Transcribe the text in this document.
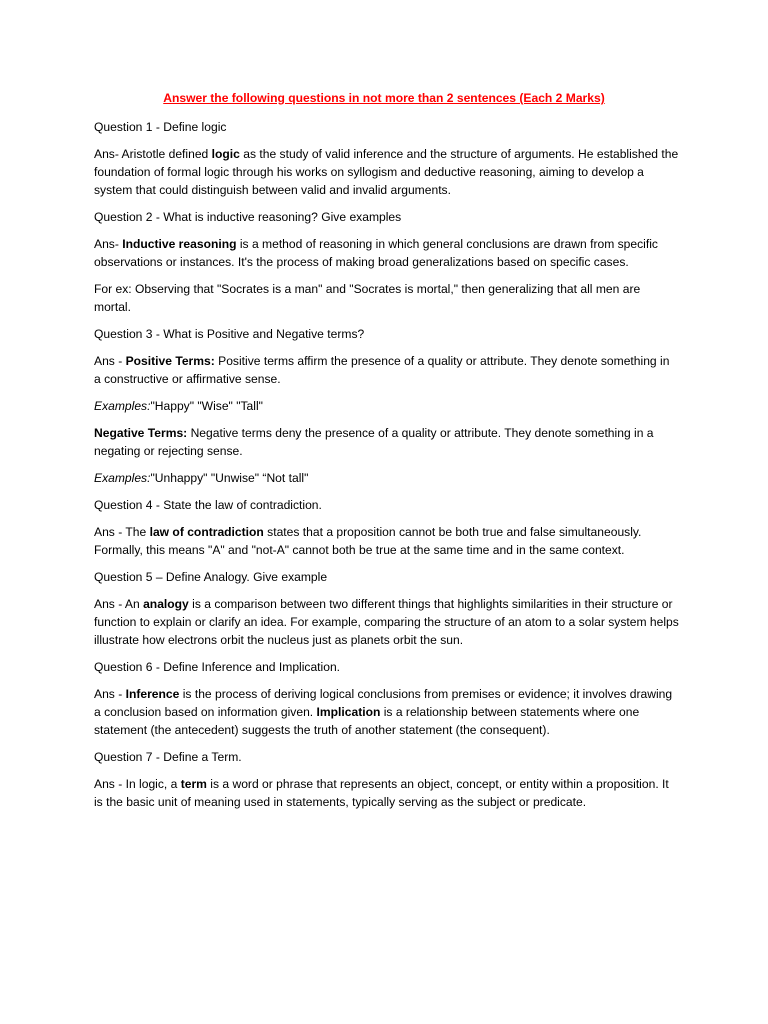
Answer the following questions in not more than 2 sentences (Each 2 Marks)

Question 1 - Define logic

Ans- Aristotle defined logic as the study of valid inference and the structure of arguments. He established the foundation of formal logic through his works on syllogism and deductive reasoning, aiming to develop a system that could distinguish between valid and invalid arguments.

Question 2 - What is inductive reasoning? Give examples

Ans- Inductive reasoning is a method of reasoning in which general conclusions are drawn from specific observations or instances. It's the process of making broad generalizations based on specific cases.

For ex: Observing that "Socrates is a man" and "Socrates is mortal," then generalizing that all men are mortal.

Question 3 - What is Positive and Negative terms?

Ans - Positive Terms: Positive terms affirm the presence of a quality or attribute. They denote something in a constructive or affirmative sense.

Examples:"Happy" "Wise" "Tall"

Negative Terms: Negative terms deny the presence of a quality or attribute. They denote something in a negating or rejecting sense.

Examples:"Unhappy" "Unwise" “Not tall"

Question 4 - State the law of contradiction.

Ans - The law of contradiction states that a proposition cannot be both true and false simultaneously. Formally, this means "A" and "not-A" cannot both be true at the same time and in the same context.

Question 5 – Define Analogy. Give example

Ans - An analogy is a comparison between two different things that highlights similarities in their structure or function to explain or clarify an idea. For example, comparing the structure of an atom to a solar system helps illustrate how electrons orbit the nucleus just as planets orbit the sun.

Question 6 - Define Inference and Implication.

Ans - Inference is the process of deriving logical conclusions from premises or evidence; it involves drawing a conclusion based on information given. Implication is a relationship between statements where one statement (the antecedent) suggests the truth of another statement (the consequent).

Question 7 - Define a Term.

Ans - In logic, a term is a word or phrase that represents an object, concept, or entity within a proposition. It is the basic unit of meaning used in statements, typically serving as the subject or predicate.
